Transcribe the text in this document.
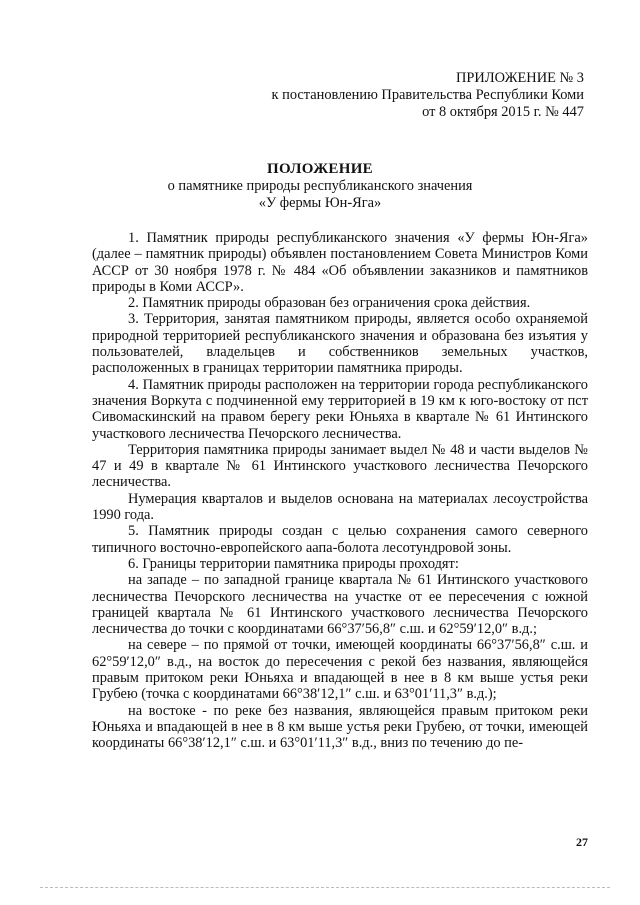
ПРИЛОЖЕНИЕ № 3
к постановлению Правительства Республики Коми
от 8 октября 2015 г. № 447
ПОЛОЖЕНИЕ
о памятнике природы республиканского значения
«У фермы Юн-Яга»

1. Памятник природы республиканского значения «У фермы Юн-Яга» (далее – памятник природы) объявлен постановлением Совета Министров Коми АССР от 30 ноября 1978 г. № 484 «Об объявлении заказников и памятников природы в Коми АССР».

2. Памятник природы образован без ограничения срока действия.

3. Территория, занятая памятником природы, является особо охраняемой природной территорией республиканского значения и образована без изъятия у пользователей, владельцев и собственников земельных участков, расположенных в границах территории памятника природы.

4. Памятник природы расположен на территории города республиканского значения Воркута с подчиненной ему территорией в 19 км к юго-востоку от пст Сивомаскинский на правом берегу реки Юньяха в квартале № 61 Интинского участкового лесничества Печорского лесничества.

Территория памятника природы занимает выдел № 48 и части выделов № 47 и 49 в квартале № 61 Интинского участкового лесничества Печорского лесничества.

Нумерация кварталов и выделов основана на материалах лесоустройства 1990 года.

5. Памятник природы создан с целью сохранения самого северного типичного восточно-европейского аапа-болота лесотундровой зоны.

6. Границы территории памятника природы проходят:

на западе – по западной границе квартала № 61 Интинского участкового лесничества Печорского лесничества на участке от ее пересечения с южной границей квартала № 61 Интинского участкового лесничества Печорского лесничества до точки с координатами 66°37′56,8″ с.ш. и 62°59′12,0″ в.д.;

на севере – по прямой от точки, имеющей координаты 66°37′56,8″ с.ш. и 62°59′12,0″ в.д., на восток до пересечения с рекой без названия, являющейся правым притоком реки Юньяха и впадающей в нее в 8 км выше устья реки Грубею (точка с координатами 66°38′12,1″ с.ш. и 63°01′11,3″ в.д.);

на востоке - по реке без названия, являющейся правым притоком реки Юньяха и впадающей в нее в 8 км выше устья реки Грубею, от точки, имеющей координаты 66°38′12,1″ с.ш. и 63°01′11,3″ в.д., вниз по течению до пе-

27
